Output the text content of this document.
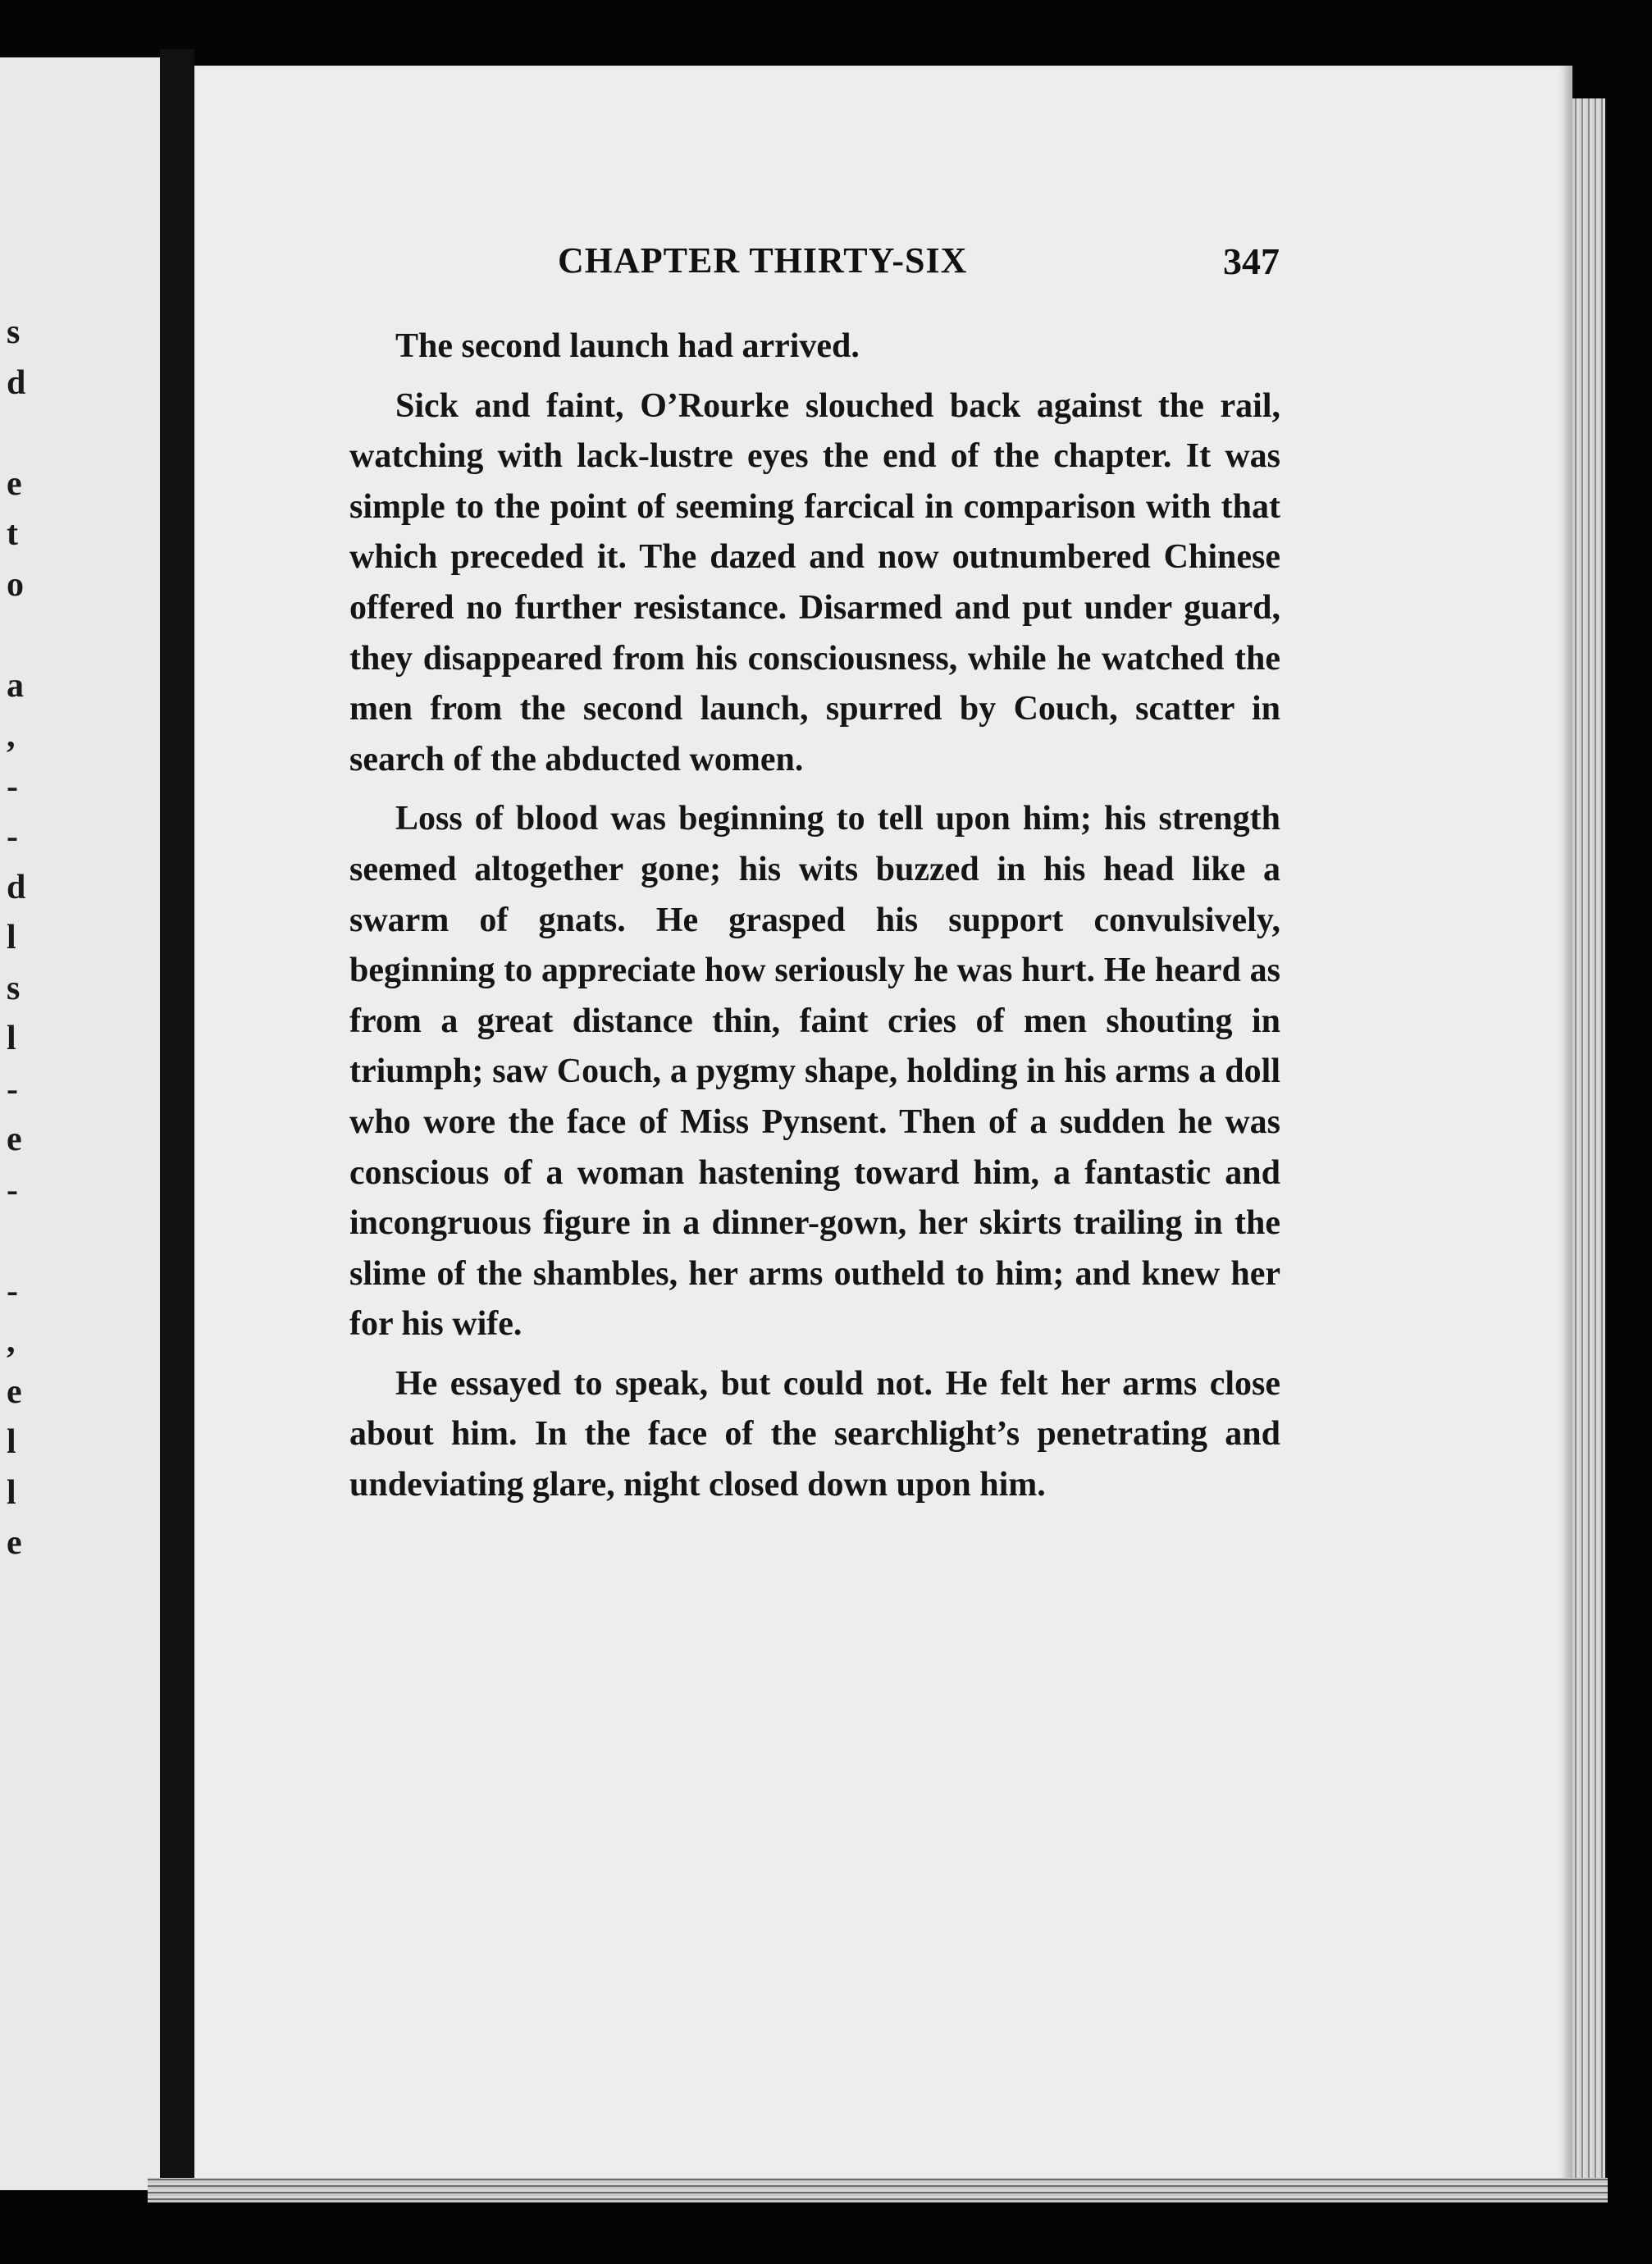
s
d
e
t
o
a
,
-
-
d
l
s
l
-
e
-
-
,
e
l
l
e
CHAPTER THIRTY-SIX	347

The second launch had arrived.

Sick and faint, O’Rourke slouched back against the rail, watching with lack-lustre eyes the end of the chapter. It was simple to the point of seeming farcical in comparison with that which preceded it. The dazed and now outnumbered Chinese offered no further resistance. Disarmed and put under guard, they disappeared from his consciousness, while he watched the men from the second launch, spurred by Couch, scatter in search of the abducted women.

Loss of blood was beginning to tell upon him; his strength seemed altogether gone; his wits buzzed in his head like a swarm of gnats. He grasped his support convulsively, beginning to appreciate how seriously he was hurt. He heard as from a great distance thin, faint cries of men shouting in triumph; saw Couch, a pygmy shape, holding in his arms a doll who wore the face of Miss Pynsent. Then of a sudden he was conscious of a woman hastening toward him, a fantastic and incongruous figure in a dinner-gown, her skirts trailing in the slime of the shambles, her arms outheld to him; and knew her for his wife.

He essayed to speak, but could not. He felt her arms close about him. In the face of the searchlight’s penetrating and undeviating glare, night closed down upon him.
